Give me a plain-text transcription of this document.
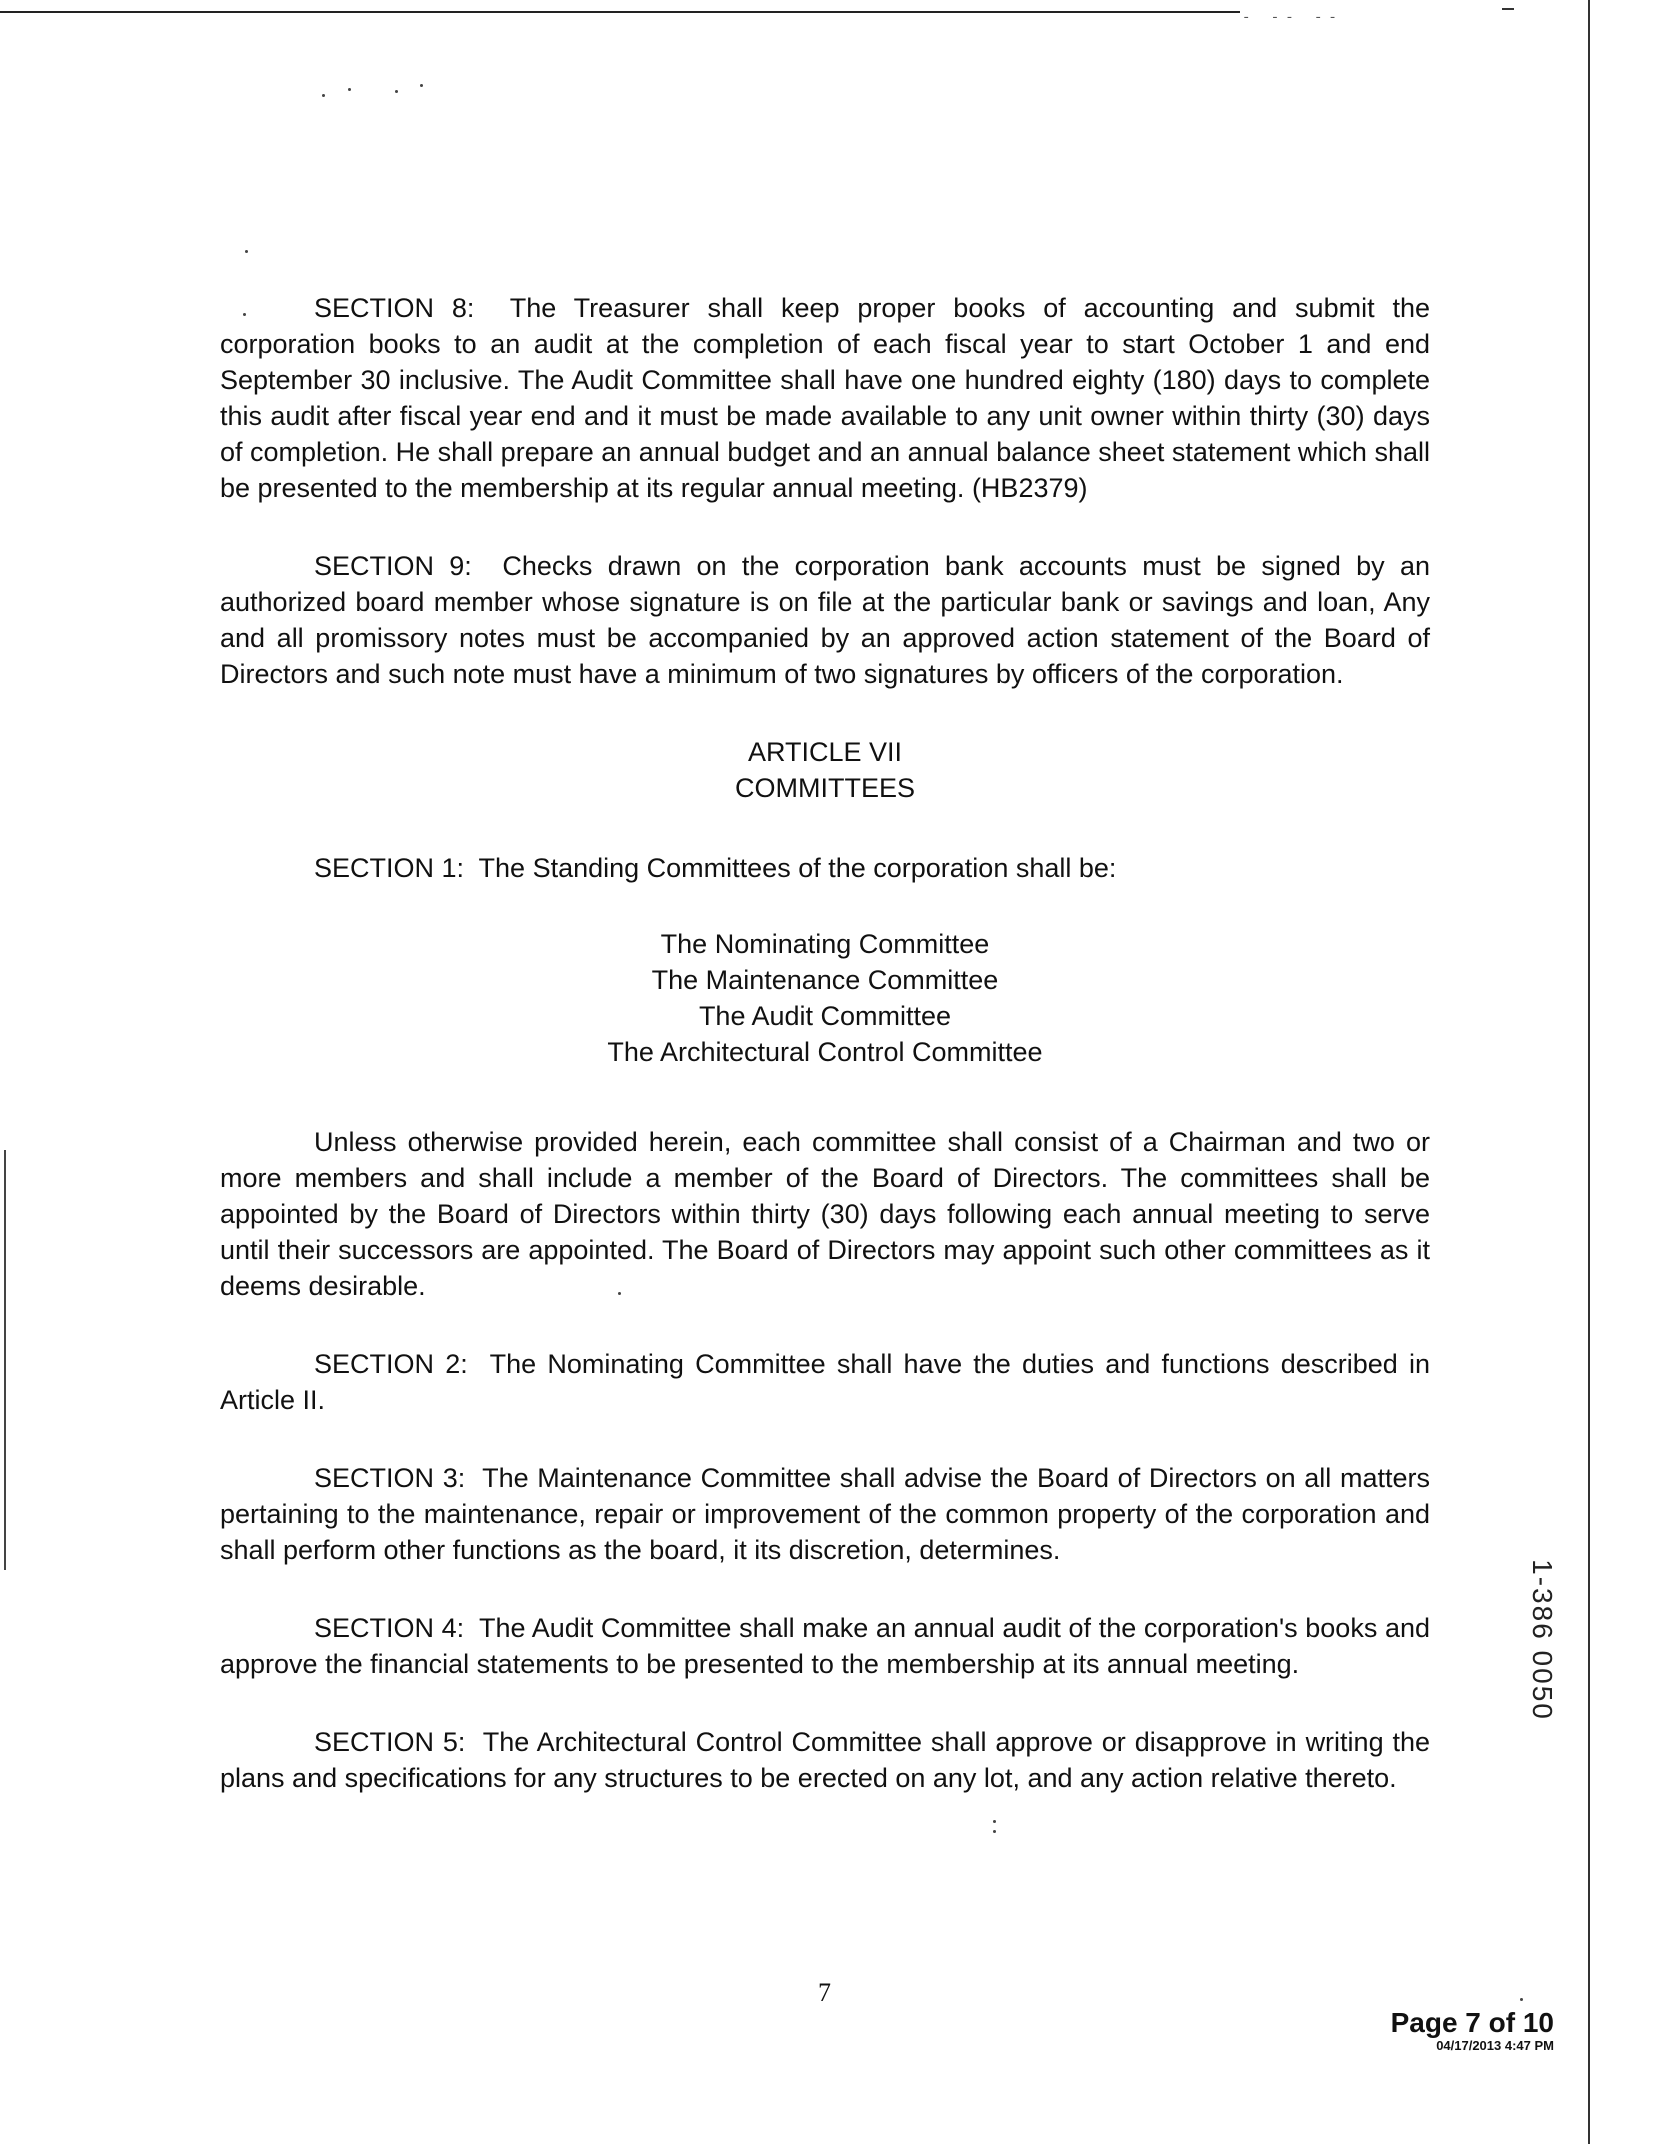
- -- --

SECTION 8: The Treasurer shall keep proper books of accounting and submit the corporation books to an audit at the completion of each fiscal year to start October 1 and end September 30 inclusive. The Audit Committee shall have one hundred eighty (180) days to complete this audit after fiscal year end and it must be made available to any unit owner within thirty (30) days of completion. He shall prepare an annual budget and an annual balance sheet statement which shall be presented to the membership at its regular annual meeting. (HB2379)

SECTION 9: Checks drawn on the corporation bank accounts must be signed by an authorized board member whose signature is on file at the particular bank or savings and loan, Any and all promissory notes must be accompanied by an approved action statement of the Board of Directors and such note must have a minimum of two signatures by officers of the corporation.

ARTICLE VII

COMMITTEES

SECTION 1: The Standing Committees of the corporation shall be:

The Nominating Committee

The Maintenance Committee

The Audit Committee

The Architectural Control Committee

Unless otherwise provided herein, each committee shall consist of a Chairman and two or more members and shall include a member of the Board of Directors. The committees shall be appointed by the Board of Directors within thirty (30) days following each annual meeting to serve until their successors are appointed. The Board of Directors may appoint such other committees as it deems desirable.

SECTION 2: The Nominating Committee shall have the duties and functions described in Article II.

SECTION 3: The Maintenance Committee shall advise the Board of Directors on all matters pertaining to the maintenance, repair or improvement of the common property of the corporation and shall perform other functions as the board, it its discretion, determines.

SECTION 4: The Audit Committee shall make an annual audit of the corporation's books and approve the financial statements to be presented to the membership at its annual meeting.

SECTION 5: The Architectural Control Committee shall approve or disapprove in writing the plans and specifications for any structures to be erected on any lot, and any action relative thereto.

1-386 0050
7
Page 7 of 10
04/17/2013 4:47 PM
